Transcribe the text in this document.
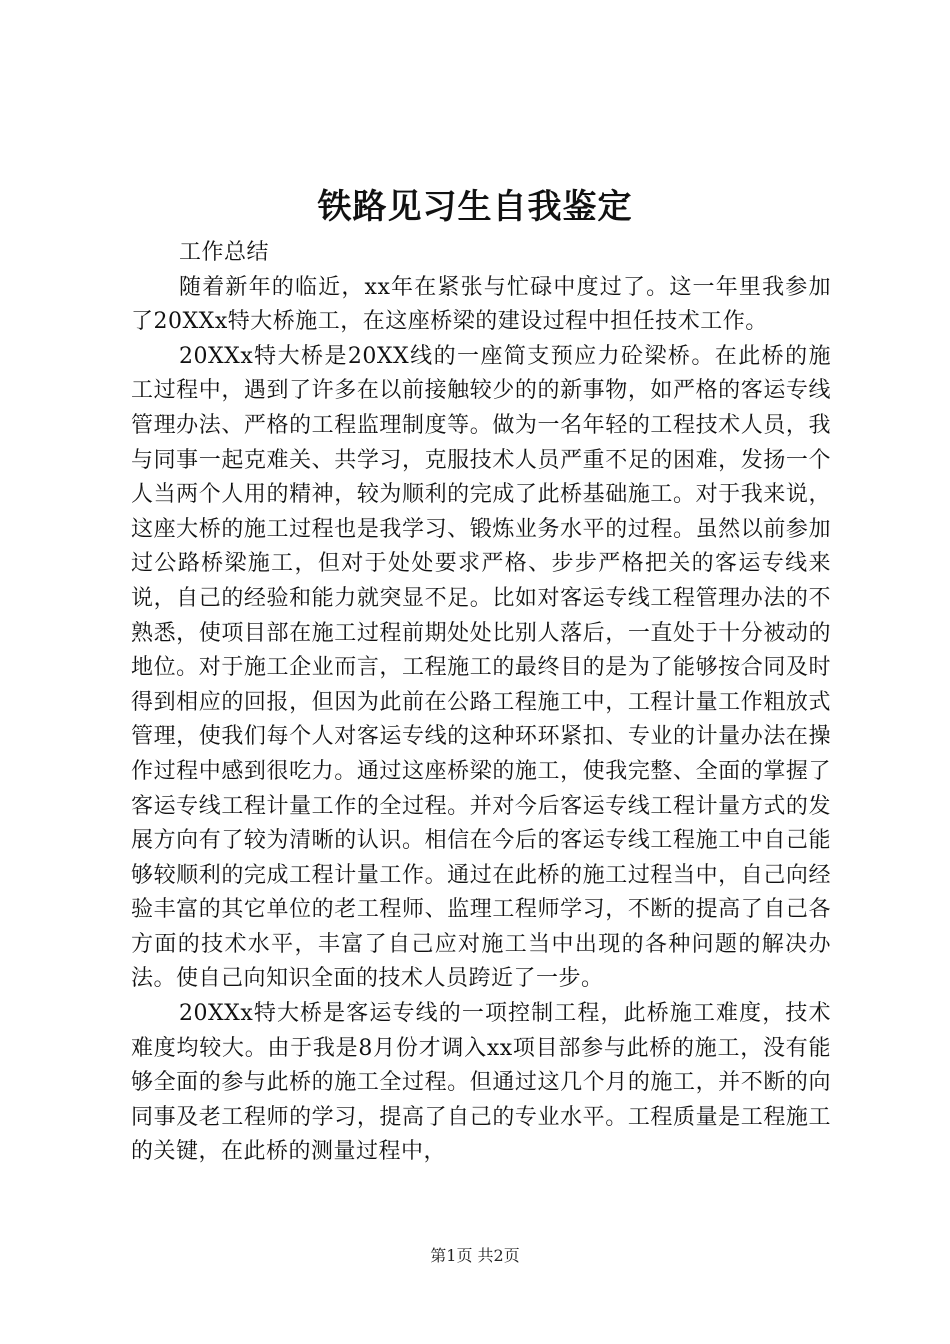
铁路见习生自我鉴定

工作总结

随着新年的临近，xx年在紧张与忙碌中度过了。这一年里我参加了20XXx特大桥施工，在这座桥梁的建设过程中担任技术工作。

20XXx特大桥是20XX线的一座简支预应力砼梁桥。在此桥的施工过程中，遇到了许多在以前接触较少的的新事物，如严格的客运专线管理办法、严格的工程监理制度等。做为一名年轻的工程技术人员，我与同事一起克难关、共学习，克服技术人员严重不足的困难，发扬一个人当两个人用的精神，较为顺利的完成了此桥基础施工。对于我来说，这座大桥的施工过程也是我学习、锻炼业务水平的过程。虽然以前参加过公路桥梁施工，但对于处处要求严格、步步严格把关的客运专线来说，自己的经验和能力就突显不足。比如对客运专线工程管理办法的不熟悉，使项目部在施工过程前期处处比别人落后，一直处于十分被动的地位。对于施工企业而言，工程施工的最终目的是为了能够按合同及时得到相应的回报，但因为此前在公路工程施工中，工程计量工作粗放式管理，使我们每个人对客运专线的这种环环紧扣、专业的计量办法在操作过程中感到很吃力。通过这座桥梁的施工，使我完整、全面的掌握了客运专线工程计量工作的全过程。并对今后客运专线工程计量方式的发展方向有了较为清晰的认识。相信在今后的客运专线工程施工中自己能够较顺利的完成工程计量工作。通过在此桥的施工过程当中，自己向经验丰富的其它单位的老工程师、监理工程师学习，不断的提高了自己各方面的技术水平，丰富了自己应对施工当中出现的各种问题的解决办法。使自己向知识全面的技术人员跨近了一步。

20XXx特大桥是客运专线的一项控制工程，此桥施工难度，技术难度均较大。由于我是8月份才调入xx项目部参与此桥的施工，没有能够全面的参与此桥的施工全过程。但通过这几个月的施工，并不断的向同事及老工程师的学习，提高了自己的专业水平。工程质量是工程施工的关键，在此桥的测量过程中，

第1页 共2页
